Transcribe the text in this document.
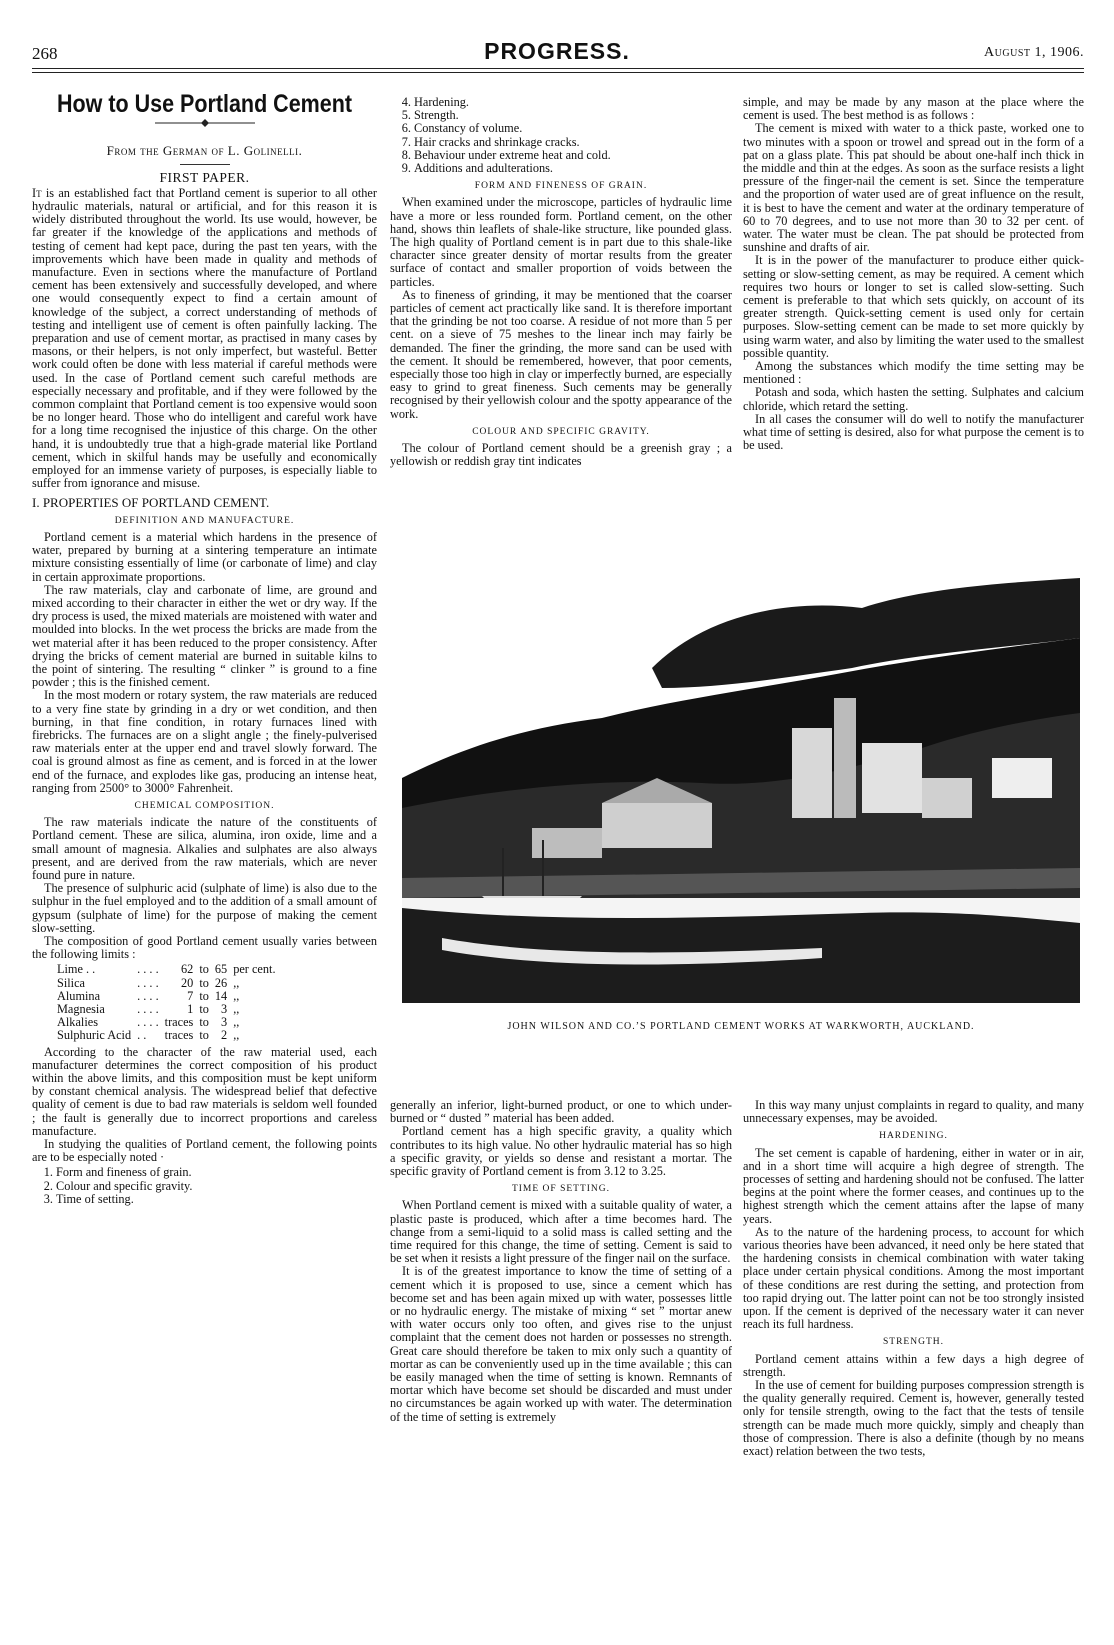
268	PROGRESS.	August 1, 1906.
How to Use Portland Cement
From the German of L. Golinelli.
FIRST PAPER.

It is an established fact that Portland cement is superior to all other hydraulic materials, natural or artificial, and for this reason it is widely distributed throughout the world. Its use would, however, be far greater if the knowledge of the applications and methods of testing of cement had kept pace, during the past ten years, with the improvements which have been made in quality and methods of manufacture. Even in sections where the manufacture of Portland cement has been extensively and successfully developed, and where one would consequently expect to find a certain amount of knowledge of the subject, a correct understanding of methods of testing and intelligent use of cement is often painfully lacking. The preparation and use of cement mortar, as practised in many cases by masons, or their helpers, is not only imperfect, but wasteful. Better work could often be done with less material if careful methods were used. In the case of Portland cement such careful methods are especially necessary and profitable, and if they were followed by the common complaint that Portland cement is too expensive would soon be no longer heard. Those who do intelligent and careful work have for a long time recognised the injustice of this charge. On the other hand, it is undoubtedly true that a high-grade material like Portland cement, which in skilful hands may be usefully and economically employed for an immense variety of purposes, is especially liable to suffer from ignorance and misuse.

I. PROPERTIES OF PORTLAND CEMENT.
DEFINITION AND MANUFACTURE.

Portland cement is a material which hardens in the presence of water, prepared by burning at a sintering temperature an intimate mixture consisting essentially of lime (or carbonate of lime) and clay in certain approximate proportions.

The raw materials, clay and carbonate of lime, are ground and mixed according to their character in either the wet or dry way. If the dry process is used, the mixed materials are moistened with water and moulded into blocks. In the wet process the bricks are made from the wet material after it has been reduced to the proper consistency. After drying the bricks of cement material are burned in suitable kilns to the point of sintering. The resulting “ clinker ” is ground to a fine powder ; this is the finished cement.

In the most modern or rotary system, the raw materials are reduced to a very fine state by grinding in a dry or wet condition, and then burning, in that fine condition, in rotary furnaces lined with firebricks. The furnaces are on a slight angle ; the finely-pulverised raw materials enter at the upper end and travel slowly forward. The coal is ground almost as fine as cement, and is forced in at the lower end of the furnace, and explodes like gas, producing an intense heat, ranging from 2500° to 3000° Fahrenheit.

CHEMICAL COMPOSITION.

The raw materials indicate the nature of the constituents of Portland cement. These are silica, alumina, iron oxide, lime and a small amount of magnesia. Alkalies and sulphates are also always present, and are derived from the raw materials, which are never found pure in nature.

The presence of sulphuric acid (sulphate of lime) is also due to the sulphur in the fuel employed and to the addition of a small amount of gypsum (sulphate of lime) for the purpose of making the cement slow-setting.

The composition of good Portland cement usually varies between the following limits :

Lime . .	. . . .	62	to	65	per cent.
Silica	. . . .	20	to	26	,,
Alumina	. . . .	7	to	14	,,
Magnesia	. . . .	1	to	3	,,
Alkalies	. . . .	traces	to	3	,,
Sulphuric Acid	. .	traces	to	2	,,

According to the character of the raw material used, each manufacturer determines the correct composition of his product within the above limits, and this composition must be kept uniform by constant chemical analysis. The widespread belief that defective quality of cement is due to bad raw materials is seldom well founded ; the fault is generally due to incorrect proportions and careless manufacture.

In studying the qualities of Portland cement, the following points are to be especially noted ·

1. Form and fineness of grain.
2. Colour and specific gravity.
3. Time of setting.
4. Hardening.
5. Strength.
6. Constancy of volume.
7. Hair cracks and shrinkage cracks.
8. Behaviour under extreme heat and cold.
9. Additions and adulterations.
FORM AND FINENESS OF GRAIN.

When examined under the microscope, particles of hydraulic lime have a more or less rounded form. Portland cement, on the other hand, shows thin leaflets of shale-like structure, like pounded glass. The high quality of Portland cement is in part due to this shale-like character since greater density of mortar results from the greater surface of contact and smaller proportion of voids between the particles.

As to fineness of grinding, it may be mentioned that the coarser particles of cement act practically like sand. It is therefore important that the grinding be not too coarse. A residue of not more than 5 per cent. on a sieve of 75 meshes to the linear inch may fairly be demanded. The finer the grinding, the more sand can be used with the cement. It should be remembered, however, that poor cements, especially those too high in clay or imperfectly burned, are especially easy to grind to great fineness. Such cements may be generally recognised by their yellowish colour and the spotty appearance of the work.

COLOUR AND SPECIFIC GRAVITY.

The colour of Portland cement should be a greenish gray ; a yellowish or reddish gray tint indicates

simple, and may be made by any mason at the place where the cement is used. The best method is as follows :

The cement is mixed with water to a thick paste, worked one to two minutes with a spoon or trowel and spread out in the form of a pat on a glass plate. This pat should be about one-half inch thick in the middle and thin at the edges. As soon as the surface resists a light pressure of the finger-nail the cement is set. Since the temperature and the proportion of water used are of great influence on the result, it is best to have the cement and water at the ordinary temperature of 60 to 70 degrees, and to use not more than 30 to 32 per cent. of water. The water must be clean. The pat should be protected from sunshine and drafts of air.

It is in the power of the manufacturer to produce either quick-setting or slow-setting cement, as may be required. A cement which requires two hours or longer to set is called slow-setting. Such cement is preferable to that which sets quickly, on account of its greater strength. Quick-setting cement is used only for certain purposes. Slow-setting cement can be made to set more quickly by using warm water, and also by limiting the water used to the smallest possible quantity.

Among the substances which modify the time setting may be mentioned :

Potash and soda, which hasten the setting. Sulphates and calcium chloride, which retard the setting.

In all cases the consumer will do well to notify the manufacturer what time of setting is desired, also for what purpose the cement is to be used.

JOHN WILSON AND CO.’S PORTLAND CEMENT WORKS AT WARKWORTH, AUCKLAND.

generally an inferior, light-burned product, or one to which under-burned or “ dusted ” material has been added.

Portland cement has a high specific gravity, a quality which contributes to its high value. No other hydraulic material has so high a specific gravity, or yields so dense and resistant a mortar. The specific gravity of Portland cement is from 3.12 to 3.25.

TIME OF SETTING.

When Portland cement is mixed with a suitable quality of water, a plastic paste is produced, which after a time becomes hard. The change from a semi-liquid to a solid mass is called setting and the time required for this change, the time of setting. Cement is said to be set when it resists a light pressure of the finger nail on the surface.

It is of the greatest importance to know the time of setting of a cement which it is proposed to use, since a cement which has become set and has been again mixed up with water, possesses little or no hydraulic energy. The mistake of mixing “ set ” mortar anew with water occurs only too often, and gives rise to the unjust complaint that the cement does not harden or possesses no strength. Great care should therefore be taken to mix only such a quantity of mortar as can be conveniently used up in the time available ; this can be easily managed when the time of setting is known. Remnants of mortar which have become set should be discarded and must under no circumstances be again worked up with water. The determination of the time of setting is extremely

In this way many unjust complaints in regard to quality, and many unnecessary expenses, may be avoided.

HARDENING.

The set cement is capable of hardening, either in water or in air, and in a short time will acquire a high degree of strength. The processes of setting and hardening should not be confused. The latter begins at the point where the former ceases, and continues up to the highest strength which the cement attains after the lapse of many years.

As to the nature of the hardening process, to account for which various theories have been advanced, it need only be here stated that the hardening consists in chemical combination with water taking place under certain physical conditions. Among the most important of these conditions are rest during the setting, and protection from too rapid drying out. The latter point can not be too strongly insisted upon. If the cement is deprived of the necessary water it can never reach its full hardness.

STRENGTH.

Portland cement attains within a few days a high degree of strength.

In the use of cement for building purposes compression strength is the quality generally required. Cement is, however, generally tested only for tensile strength, owing to the fact that the tests of tensile strength can be made much more quickly, simply and cheaply than those of compression. There is also a definite (though by no means exact) relation between the two tests,
